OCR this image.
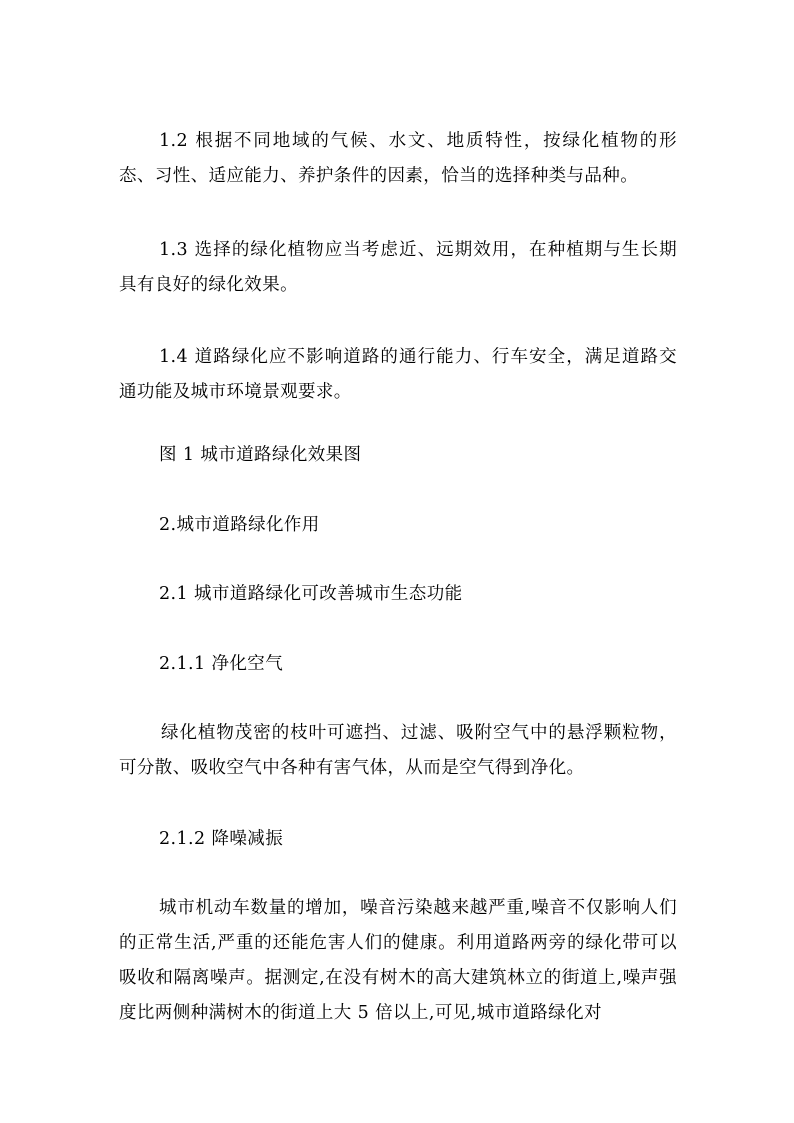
1.2 根据不同地域的气候、水文、地质特性，按绿化植物的形态、习性、适应能力、养护条件的因素，恰当的选择种类与品种。

1.3 选择的绿化植物应当考虑近、远期效用，在种植期与生长期具有良好的绿化效果。

1.4 道路绿化应不影响道路的通行能力、行车安全，满足道路交通功能及城市环境景观要求。

图 1 城市道路绿化效果图

2.城市道路绿化作用

2.1 城市道路绿化可改善城市生态功能

2.1.1 净化空气

绿化植物茂密的枝叶可遮挡、过滤、吸附空气中的悬浮颗粒物，可分散、吸收空气中各种有害气体，从而是空气得到净化。

2.1.2 降噪减振

城市机动车数量的增加，噪音污染越来越严重,噪音不仅影响人们的正常生活,严重的还能危害人们的健康。利用道路两旁的绿化带可以吸收和隔离噪声。据测定,在没有树木的高大建筑林立的街道上,噪声强度比两侧种满树木的街道上大 5 倍以上,可见,城市道路绿化对
